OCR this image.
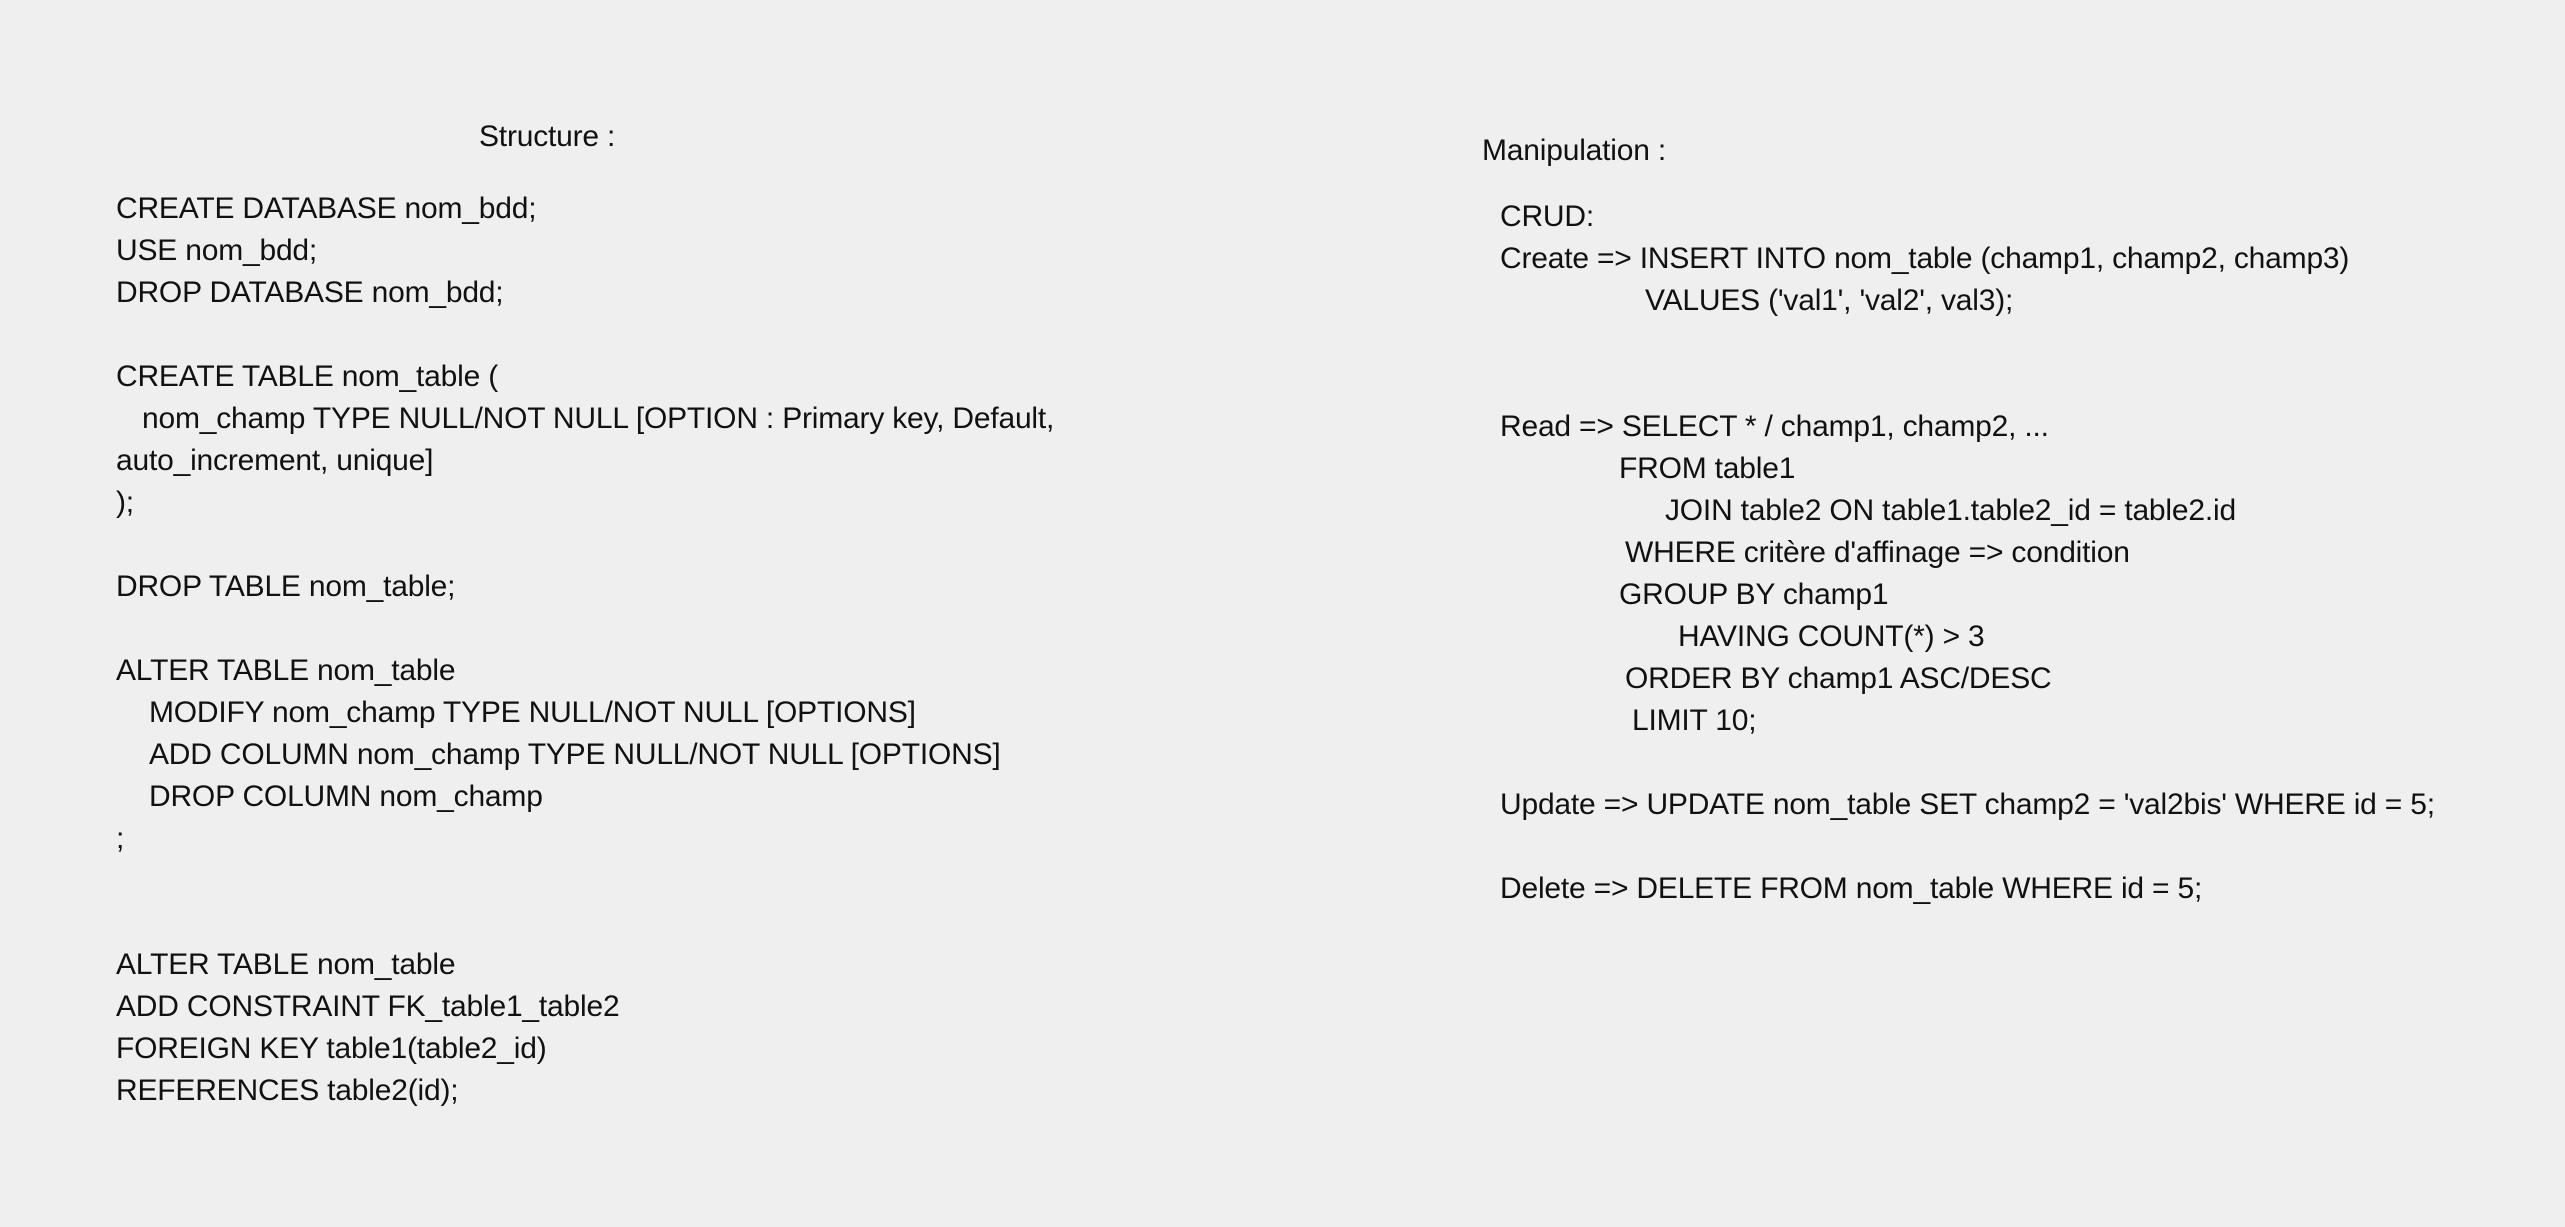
Structure :
CREATE DATABASE nom_bdd;
USE nom_bdd;
DROP DATABASE nom_bdd;
CREATE TABLE nom_table (
nom_champ TYPE NULL/NOT NULL [OPTION : Primary key, Default,
auto_increment, unique]
);
DROP TABLE nom_table;
ALTER TABLE nom_table
MODIFY nom_champ TYPE NULL/NOT NULL [OPTIONS]
ADD COLUMN nom_champ TYPE NULL/NOT NULL [OPTIONS]
DROP COLUMN nom_champ
;
ALTER TABLE nom_table
ADD CONSTRAINT FK_table1_table2
FOREIGN KEY table1(table2_id)
REFERENCES table2(id);
Manipulation :
CRUD:
Create => INSERT INTO nom_table (champ1, champ2, champ3)
VALUES ('val1', 'val2', val3);
Read => SELECT * / champ1, champ2, ...
FROM table1
JOIN table2 ON table1.table2_id = table2.id
WHERE critère d'affinage => condition
GROUP BY champ1
HAVING COUNT(*) > 3
ORDER BY champ1 ASC/DESC
LIMIT 10;
Update => UPDATE nom_table SET champ2 = 'val2bis' WHERE id = 5;
Delete => DELETE FROM nom_table WHERE id = 5;
